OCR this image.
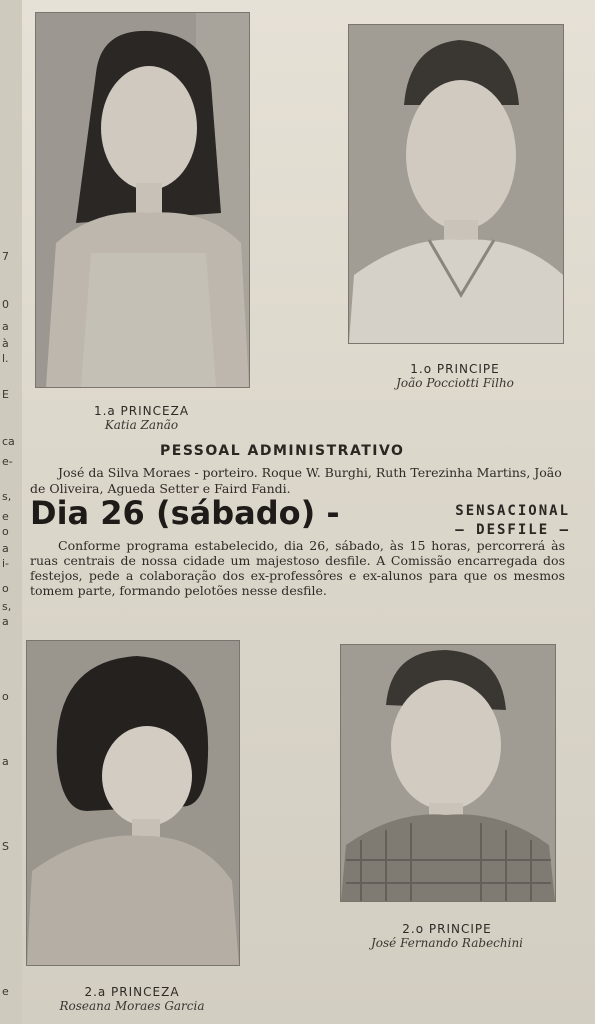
7
0
a
à
l.
E
ca
e-
s,
e
o
a
i-
o
s,
a
o
a
S
e
1.o PRINCIPE
João Pocciotti Filho
1.a PRINCEZA
Katia Zanão
PESSOAL ADMINISTRATIVO
José da Silva Moraes - porteiro. Roque W. Burghi, Ruth Terezinha Martins, João de Oliveira, Agueda Setter e Faird Fandi.
Dia 26 (sábado) -	SENSACIONAL
— DESFILE —
Conforme programa estabelecido, dia 26, sábado, às 15 horas, percorrerá às ruas centrais de nossa cidade um majestoso desfile. A Comissão encarregada dos festejos, pede a colaboração dos ex-professôres e ex-alunos para que os mesmos tomem parte, formando pelotões nesse desfile.
2.o PRINCIPE
José Fernando Rabechini
2.a PRINCEZA
Roseana Moraes Garcia
